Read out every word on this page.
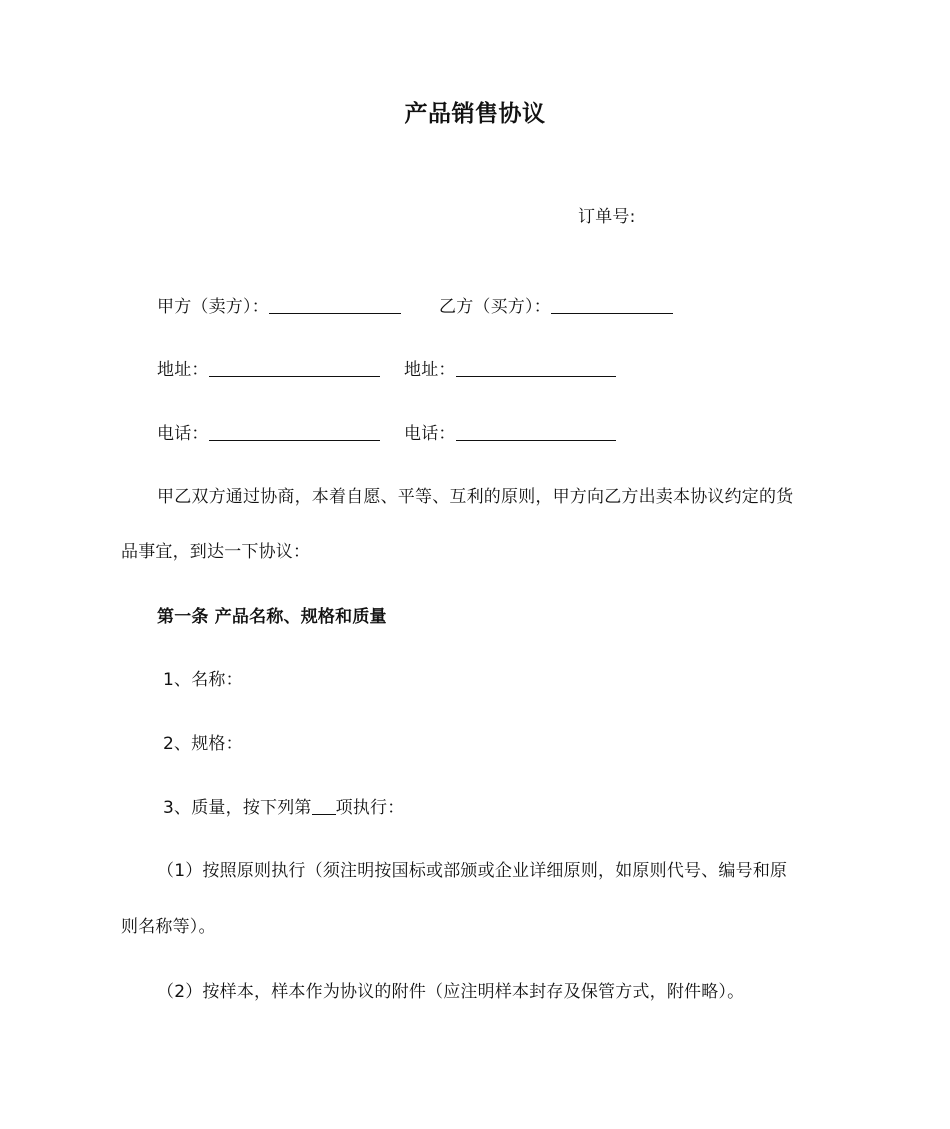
产品销售协议
订单号:
甲方（卖方）：	乙方（买方）：
地址：	地址：
电话：	电话：
甲乙双方通过协商，本着自愿、平等、互利的原则，甲方向乙方出卖本协议约定的货
品事宜，到达一下协议：
第一条 产品名称、规格和质量
1、名称：
2、规格：
3、质量，按下列第 项执行：
（1）按照原则执行（须注明按国标或部颁或企业详细原则，如原则代号、编号和原
则名称等）。
（2）按样本，样本作为协议的附件（应注明样本封存及保管方式，附件略）。
